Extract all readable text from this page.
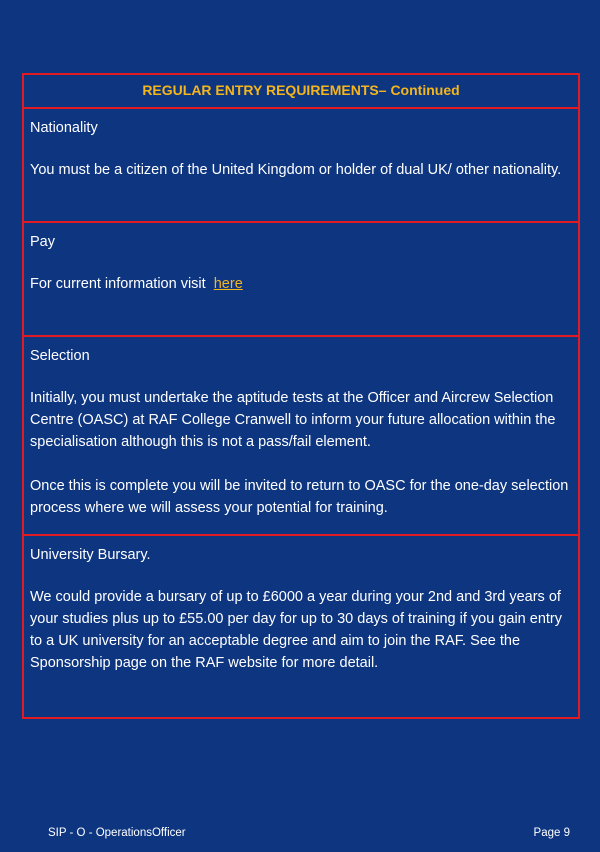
REGULAR ENTRY REQUIREMENTS– Continued

Nationality

You must be a citizen of the United Kingdom or holder of dual UK/ other nationality.

Pay

For current information visit here

Selection

Initially, you must undertake the aptitude tests at the Officer and Aircrew Selection Centre (OASC) at RAF College Cranwell to inform your future allocation within the specialisation although this is not a pass/fail element.

Once this is complete you will be invited to return to OASC for the one-day selection process where we will assess your potential for training.

University Bursary.

We could provide a bursary of up to £6000 a year during your 2nd and 3rd years of your studies plus up to £55.00 per day for up to 30 days of training if you gain entry to a UK university for an acceptable degree and aim to join the RAF. See the Sponsorship page on the RAF website for more detail.

SIP - O - OperationsOfficer	Page 9
